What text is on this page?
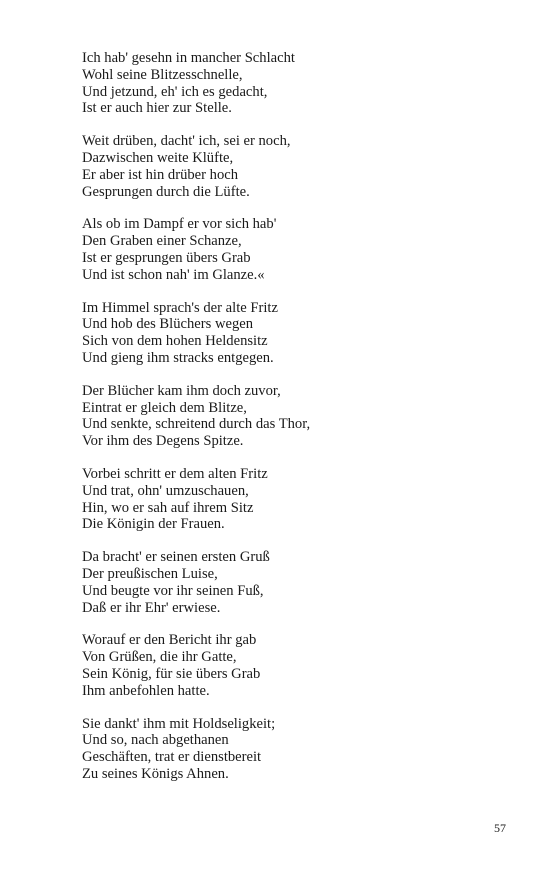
Ich hab' gesehn in mancher Schlacht
Wohl seine Blitzesschnelle,
Und jetzund, eh' ich es gedacht,
Ist er auch hier zur Stelle.
Weit drüben, dacht' ich, sei er noch,
Dazwischen weite Klüfte,
Er aber ist hin drüber hoch
Gesprungen durch die Lüfte.
Als ob im Dampf er vor sich hab'
Den Graben einer Schanze,
Ist er gesprungen übers Grab
Und ist schon nah' im Glanze.«
Im Himmel sprach's der alte Fritz
Und hob des Blüchers wegen
Sich von dem hohen Heldensitz
Und gieng ihm stracks entgegen.
Der Blücher kam ihm doch zuvor,
Eintrat er gleich dem Blitze,
Und senkte, schreitend durch das Thor,
Vor ihm des Degens Spitze.
Vorbei schritt er dem alten Fritz
Und trat, ohn' umzuschauen,
Hin, wo er sah auf ihrem Sitz
Die Königin der Frauen.
Da bracht' er seinen ersten Gruß
Der preußischen Luise,
Und beugte vor ihr seinen Fuß,
Daß er ihr Ehr' erwiese.
Worauf er den Bericht ihr gab
Von Grüßen, die ihr Gatte,
Sein König, für sie übers Grab
Ihm anbefohlen hatte.
Sie dankt' ihm mit Holdseligkeit;
Und so, nach abgethanen
Geschäften, trat er dienstbereit
Zu seines Königs Ahnen.
57
